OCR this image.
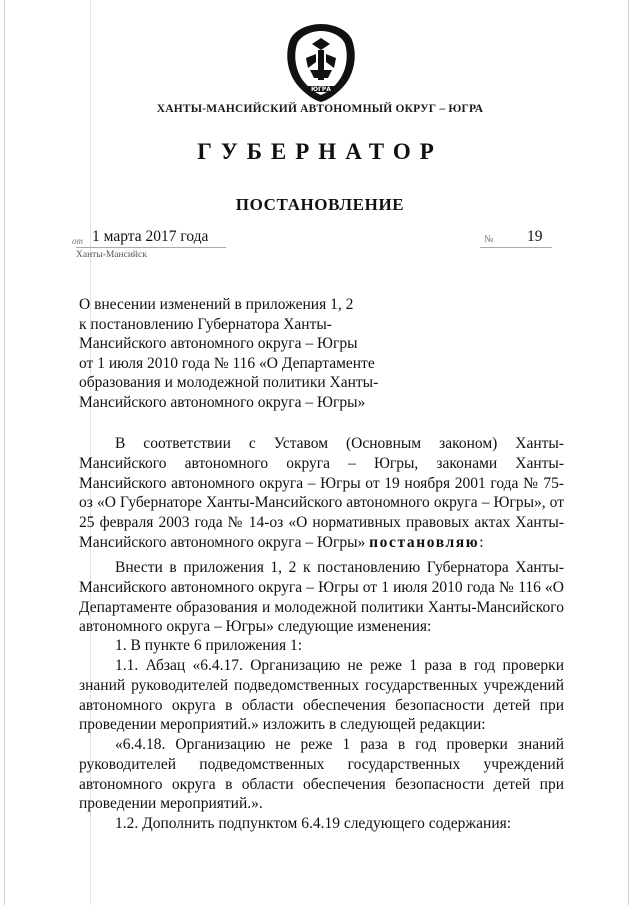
ЮГРА
ХАНТЫ-МАНСИЙСКИЙ АВТОНОМНЫЙ ОКРУГ – ЮГРА
ГУБЕРНАТОР
ПОСТАНОВЛЕНИЕ
от 1 марта 2017 года	№ 19
Ханты-Мансийск
О внесении изменений в приложения 1, 2
к постановлению Губернатора Ханты-
Мансийского автономного округа – Югры
от 1 июля 2010 года № 116 «О Департаменте
образования и молодежной политики Ханты-
Мансийского автономного округа – Югры»
В соответствии с Уставом (Основным законом) Ханты-Мансийского автономного округа – Югры, законами Ханты-Мансийского автономного округа – Югры от 19 ноября 2001 года № 75-оз «О Губернаторе Ханты-Мансийского автономного округа – Югры», от 25 февраля 2003 года № 14-оз «О нормативных правовых актах Ханты-Мансийского автономного округа – Югры» постановляю:
Внести в приложения 1, 2 к постановлению Губернатора Ханты-Мансийского автономного округа – Югры от 1 июля 2010 года № 116 «О Департаменте образования и молодежной политики Ханты-Мансийского автономного округа – Югры» следующие изменения:
1. В пункте 6 приложения 1:
1.1. Абзац «6.4.17. Организацию не реже 1 раза в год проверки знаний руководителей подведомственных государственных учреждений автономного округа в области обеспечения безопасности детей при проведении мероприятий.» изложить в следующей редакции:
«6.4.18. Организацию не реже 1 раза в год проверки знаний руководителей подведомственных государственных учреждений автономного округа в области обеспечения безопасности детей при проведении мероприятий.».
1.2. Дополнить подпунктом 6.4.19 следующего содержания:
